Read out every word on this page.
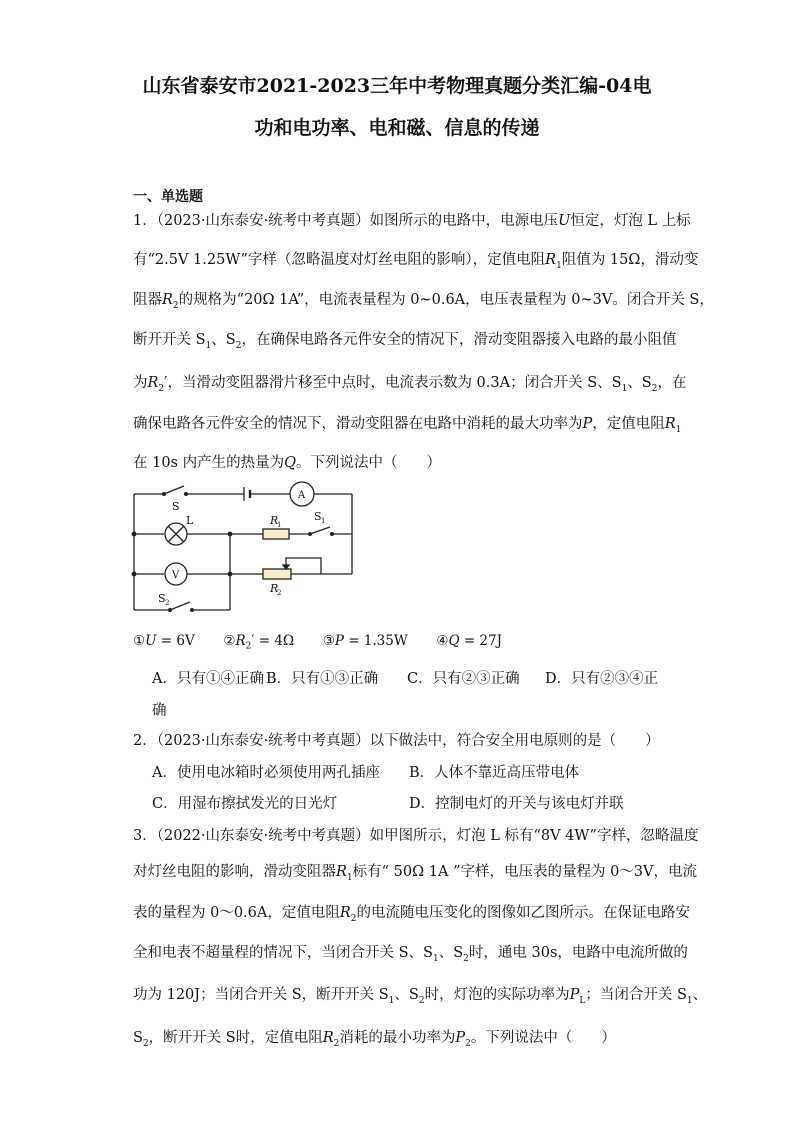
山东省泰安市2021-2023三年中考物理真题分类汇编-04电
功和电功率、电和磁、信息的传递
一、单选题
1．（2023·山东泰安·统考中考真题）如图所示的电路中，电源电压U恒定，灯泡 L 上标
有“2.5V 1.25W”字样（忽略温度对灯丝电阻的影响），定值电阻$R_1$阻值为 15Ω，滑动变
阻器$R_2$的规格为“20Ω 1A”，电流表量程为 0~0.6A，电压表量程为 0~3V。闭合开关 S，
断开开关 $S_1$、$S_2$，在确保电路各元件安全的情况下，滑动变阻器接入电路的最小阻值
为$R_2'$，当滑动变阻器滑片移至中点时，电流表示数为 0.3A；闭合开关 S、$S_1$、$S_2$，在
确保电路各元件安全的情况下，滑动变阻器在电路中消耗的最大功率为P，定值电阻$R_1$
在 10s 内产生的热量为Q。下列说法中（　　）
S
L
A
V
R
1
S 1
R
2
S 2
①U = 6V $②R_2' = 4\Omega$ ③P = 1.35W ④Q = 27J
A．只有①④正确 B．只有①③正确 C．只有②③正确 D．只有②③④正
确
2．（2023·山东泰安·统考中考真题）以下做法中，符合安全用电原则的是（　　）
A．使用电冰箱时必须使用两孔插座 B．人体不靠近高压带电体
C．用湿布擦拭发光的日光灯	D．控制电灯的开关与该电灯并联
3．（2022·山东泰安·统考中考真题）如甲图所示，灯泡 L 标有“8V 4W”字样，忽略温度
对灯丝电阻的影响，滑动变阻器$R_1$标有“ 50Ω 1A ”字样，电压表的量程为 0～3V，电流
表的量程为 0～0.6A，定值电阻$R_2$的电流随电压变化的图像如乙图所示。在保证电路安
全和电表不超量程的情况下，当闭合开关 S、$S_1$、$S_2$时，通电 30s，电路中电流所做的
功为 120J；当闭合开关 S，断开开关 $S_1$、$S_2$时，灯泡的实际功率为$P_L$；当闭合开关 $S_1$、
$S_2$，断开开关 S时，定值电阻$R_2$消耗的最小功率为$P_2$。下列说法中（　　）
